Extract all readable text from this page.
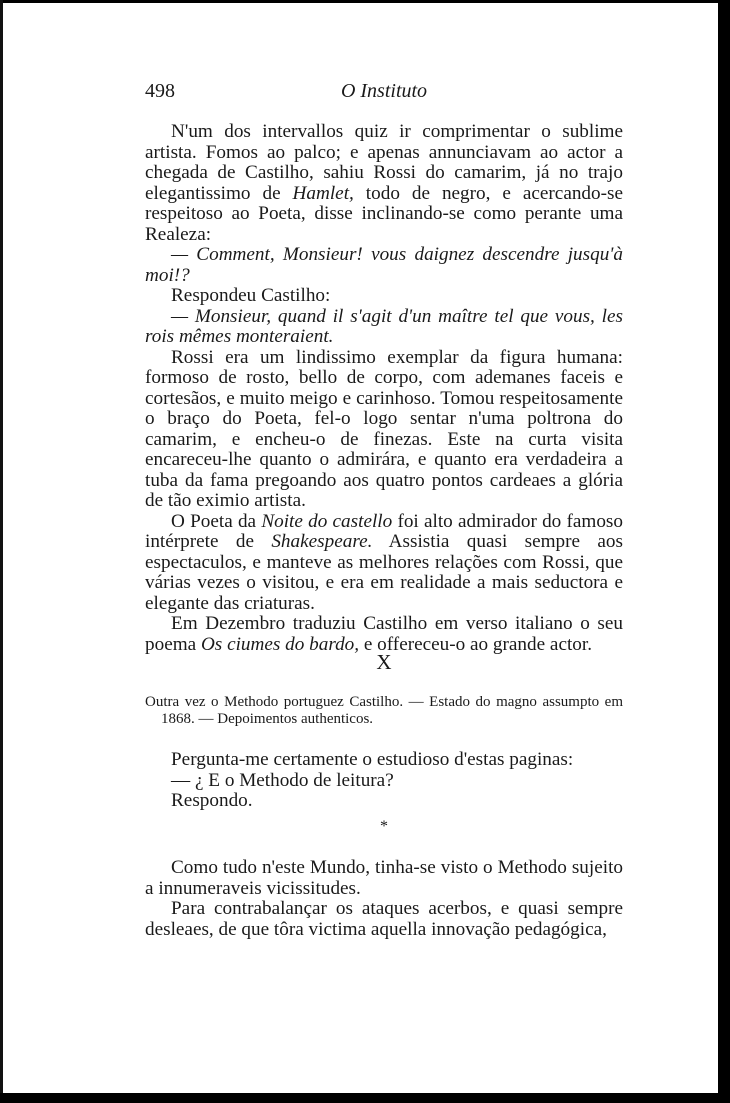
498	O Instituto

N'um dos intervallos quiz ir comprimentar o sublime artista. Fomos ao palco; e apenas annunciavam ao actor a chegada de Castilho, sahiu Rossi do camarim, já no trajo elegantissimo de Hamlet, todo de negro, e acercando-se respeitoso ao Poeta, disse inclinando-se como perante uma Realeza:

— Comment, Monsieur! vous daignez descendre jusqu'à moi!?

Respondeu Castilho:

— Monsieur, quand il s'agit d'un maître tel que vous, les rois mêmes monteraient.

Rossi era um lindissimo exemplar da figura humana: formoso de rosto, bello de corpo, com ademanes faceis e cortesãos, e muito meigo e carinhoso. Tomou respeitosamente o braço do Poeta, fel-o logo sentar n'uma poltrona do camarim, e encheu-o de finezas. Este na curta visita encareceu-lhe quanto o admirára, e quanto era verdadeira a tuba da fama pregoando aos quatro pontos cardeaes a glória de tão eximio artista.

O Poeta da Noite do castello foi alto admirador do famoso intérprete de Shakespeare. Assistia quasi sempre aos espectaculos, e manteve as melhores relações com Rossi, que várias vezes o visitou, e era em realidade a mais seductora e elegante das criaturas.

Em Dezembro traduziu Castilho em verso italiano o seu poema Os ciumes do bardo, e offereceu-o ao grande actor.

X

Outra vez o Methodo portuguez Castilho. — Estado do magno assumpto em 1868. — Depoimentos authenticos.

Pergunta-me certamente o estudioso d'estas paginas:

— ¿ E o Methodo de leitura?

Respondo.

*

Como tudo n'este Mundo, tinha-se visto o Methodo sujeito a innumeraveis vicissitudes.

Para contrabalançar os ataques acerbos, e quasi sempre desleaes, de que tôra victima aquella innovação pedagógica,
